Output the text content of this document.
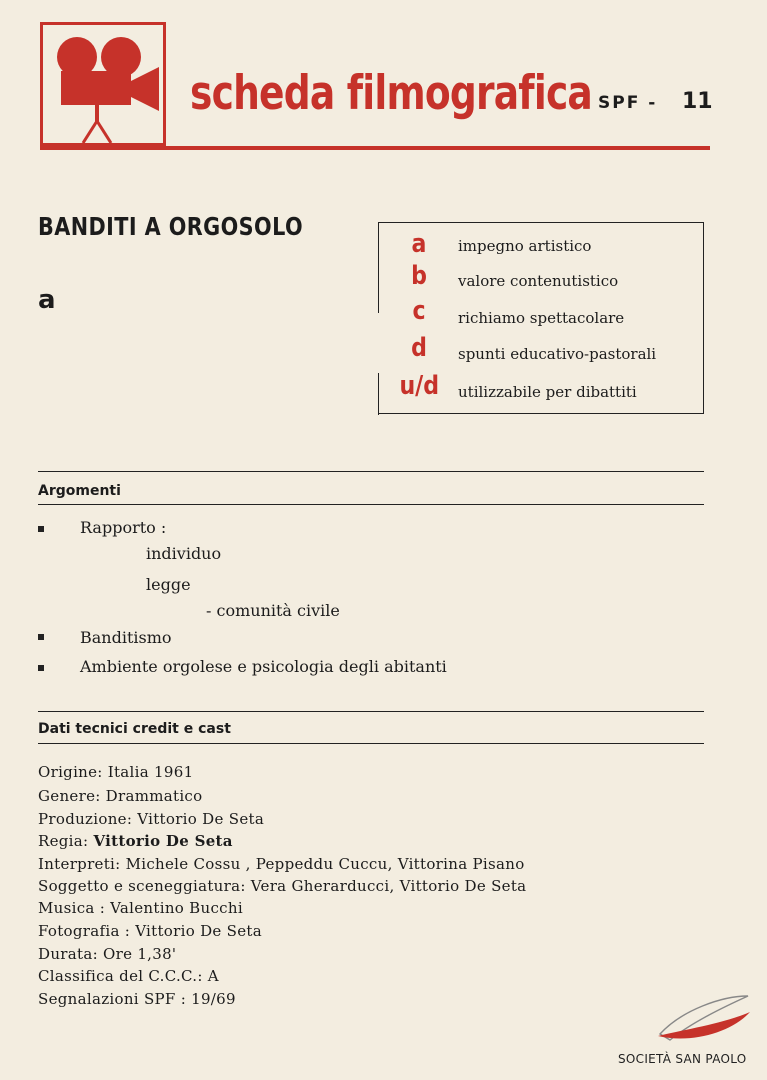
scheda filmografica SPF - 11
BANDITI A ORGOSOLO
a
a	impegno artistico
b	valore contenutistico
c	richiamo spettacolare
d	spunti educativo-pastorali
u/d utilizzabile per dibattiti
Argomenti
Rapporto :
individuo
legge
- comunità civile
Banditismo
Ambiente orgolese e psicologia degli abitanti
Dati tecnici credit e cast
Origine: Italia 1961
Genere: Drammatico
Produzione: Vittorio De Seta
Regia: Vittorio De Seta
Interpreti: Michele Cossu , Peppeddu Cuccu, Vittorina Pisano
Soggetto e sceneggiatura: Vera Gherarducci, Vittorio De Seta
Musica : Valentino Bucchi
Fotografia : Vittorio De Seta
Durata: Ore 1,38'
Classifica del C.C.C.: A
Segnalazioni SPF : 19/69
SOCIETÀ SAN PAOLO
